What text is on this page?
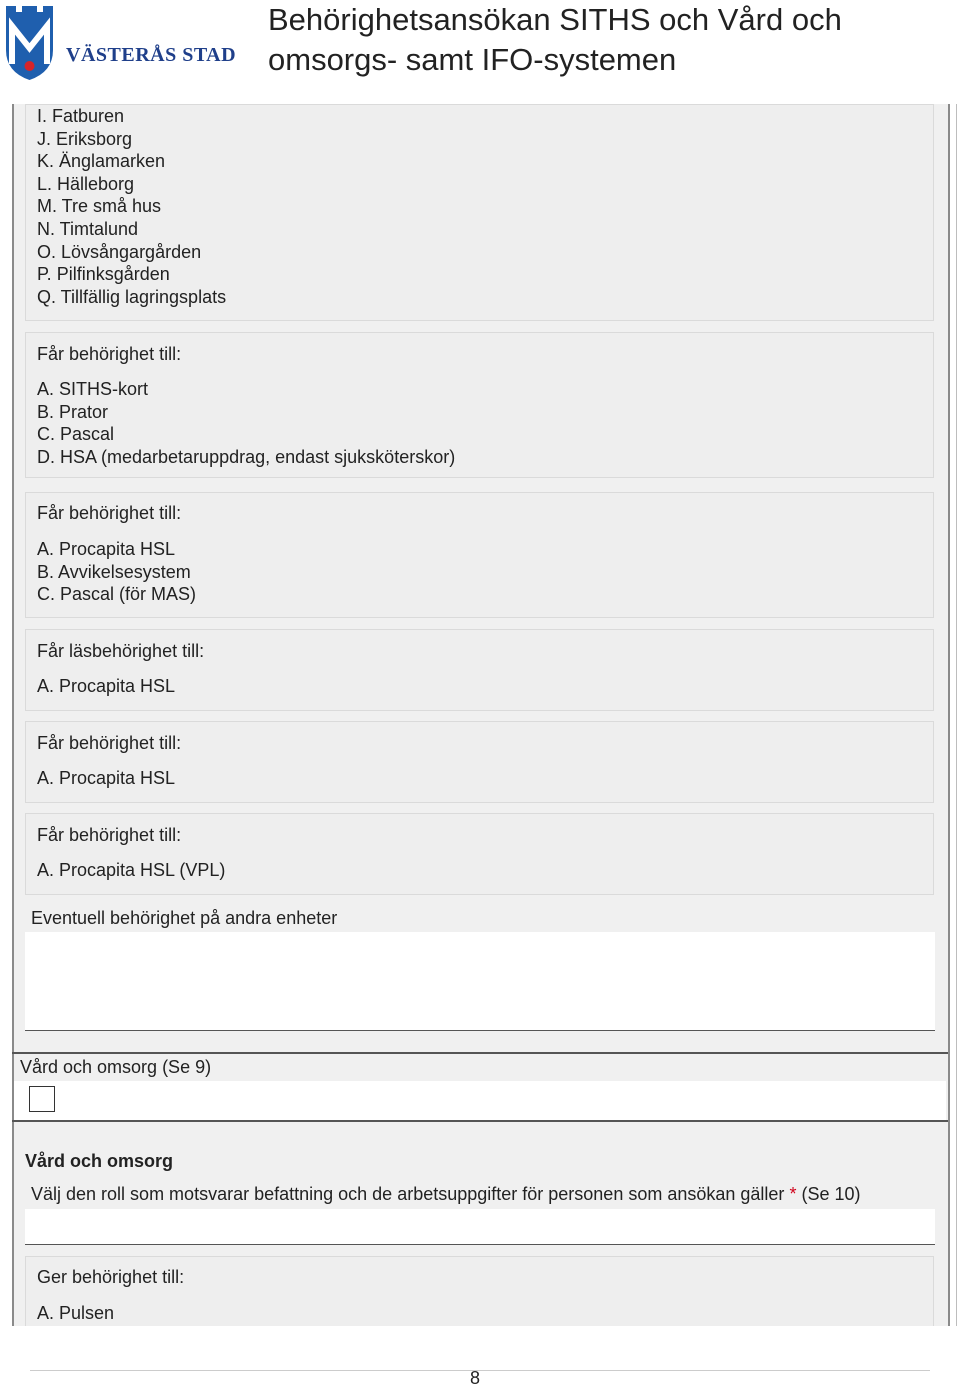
VÄSTERÅS STAD
Behörighetsansökan SITHS och Vård och
omsorgs- samt IFO-systemen
I. Fatburen
J. Eriksborg
K. Änglamarken
L. Hälleborg
M. Tre små hus
N. Timtalund
O. Lövsångargården
P. Pilfinksgården
Q. Tillfällig lagringsplats
Får behörighet till:
A. SITHS-kort
B. Prator
C. Pascal
D. HSA (medarbetaruppdrag, endast sjuksköterskor)
Får behörighet till:
A. Procapita HSL
B. Avvikelsesystem
C. Pascal (för MAS)
Får läsbehörighet till:
A. Procapita HSL
Får behörighet till:
A. Procapita HSL
Får behörighet till:
A. Procapita HSL (VPL)
Eventuell behörighet på andra enheter
Vård och omsorg (Se 9)
Vård och omsorg
Välj den roll som motsvarar befattning och de arbetsuppgifter för personen som ansökan gäller * (Se 10)
Ger behörighet till:
A. Pulsen
8
